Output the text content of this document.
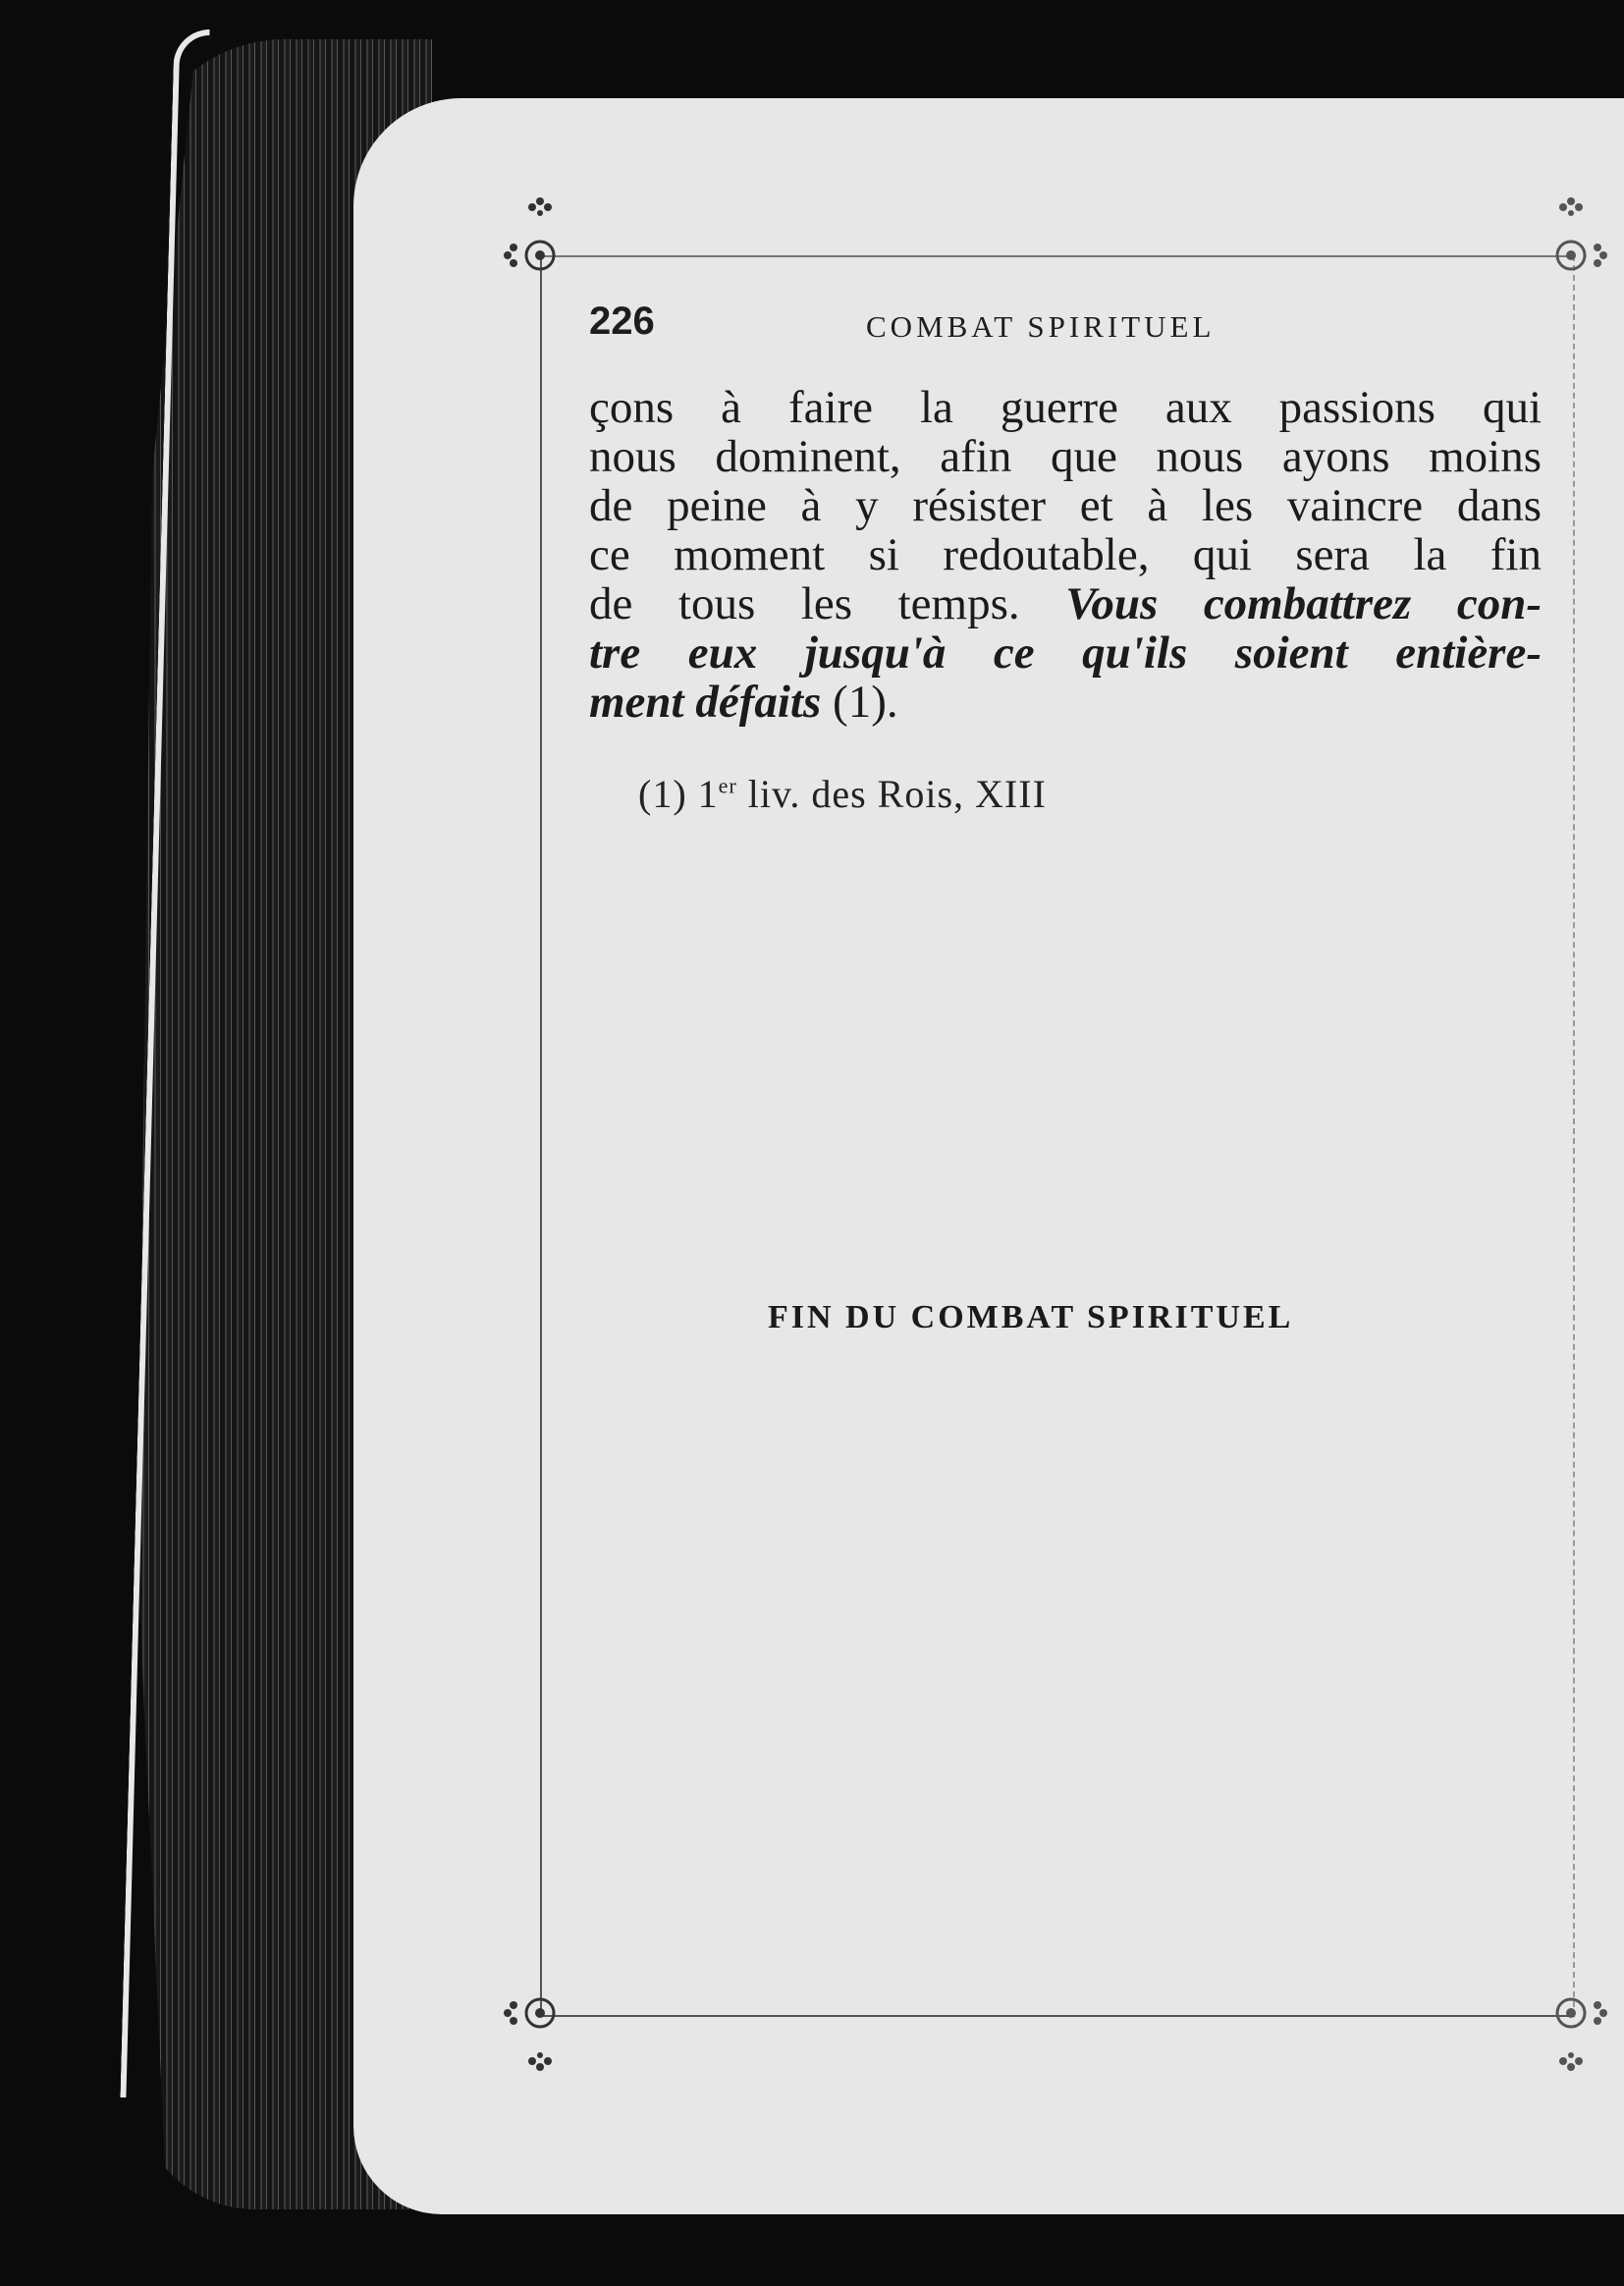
226	COMBAT SPIRITUEL
çons à faire la guerre aux passions qui
nous dominent, afin que nous ayons moins
de peine à y résister et à les vaincre dans
ce moment si redoutable, qui sera la fin
de tous les temps. Vous combattrez con-
tre eux jusqu'à ce qu'ils soient entière-
ment défaits (1).
(1) 1er liv. des Rois, XIII
FIN DU COMBAT SPIRITUEL
